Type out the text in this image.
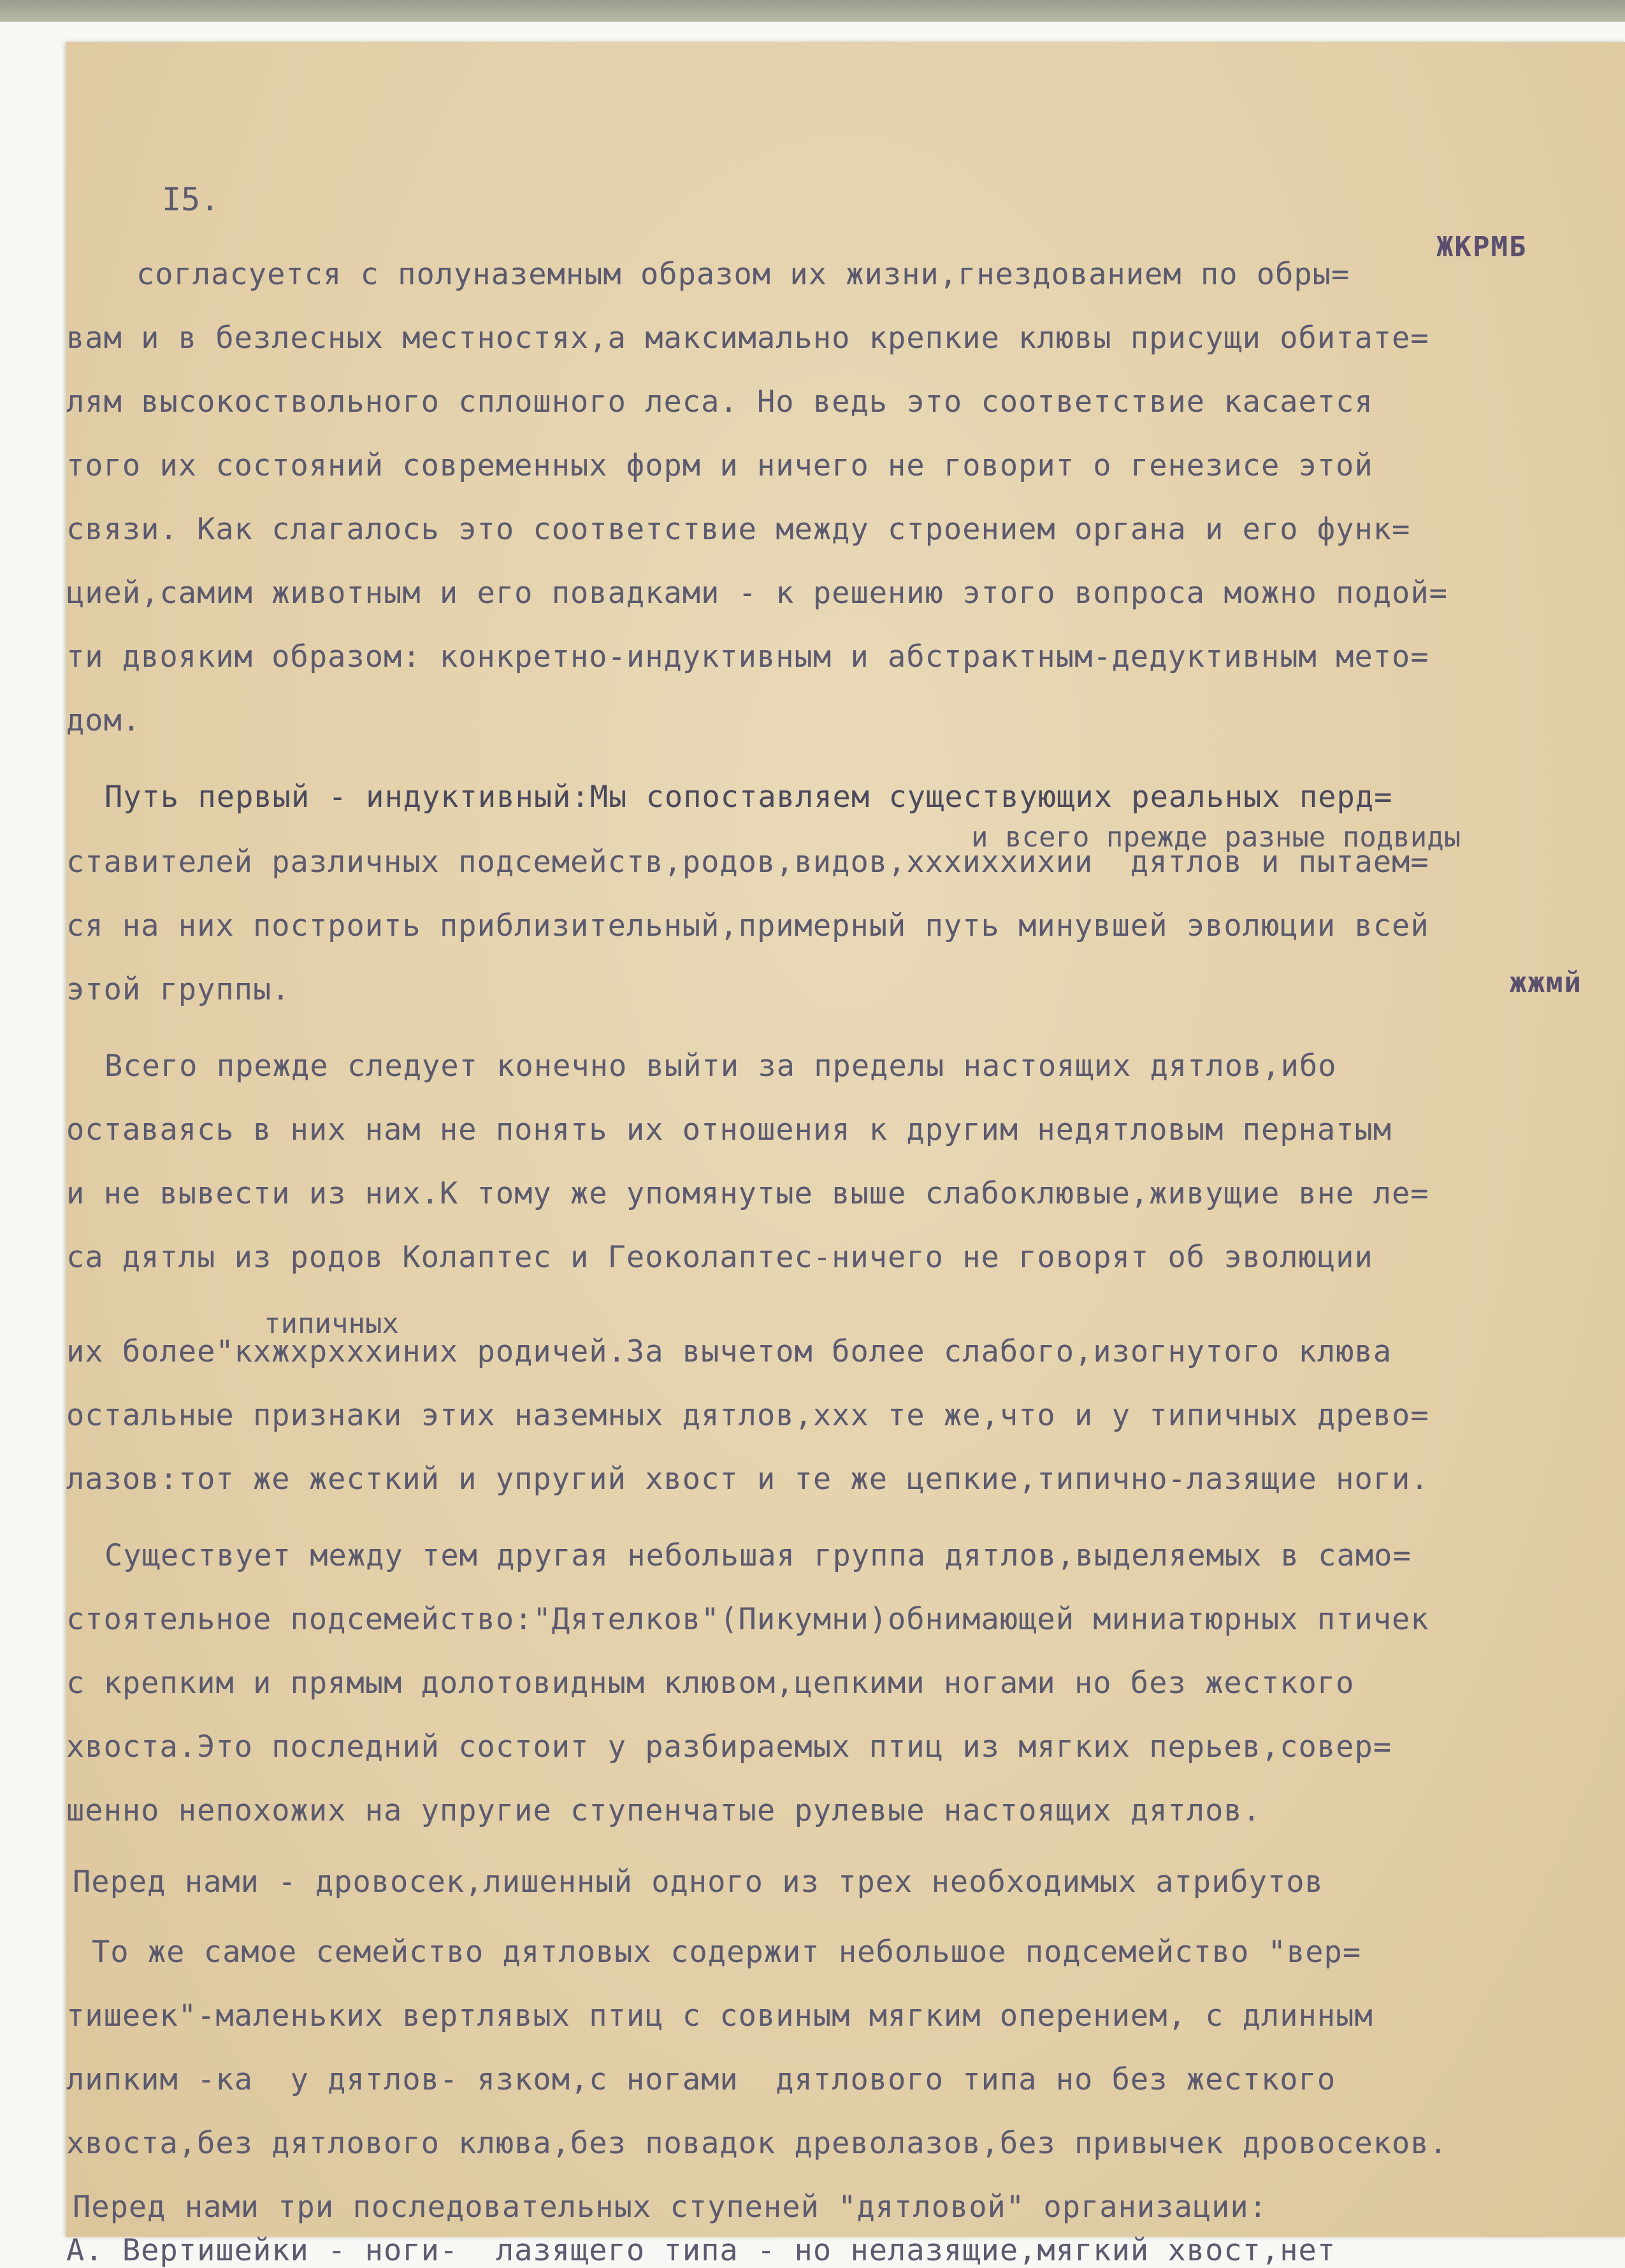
I5.
ЖКРМБ
жжмй
и всего прежде разные подвиды
типичных
согласуется с полуназемным образом их жизни,гнездованием по обры=
вам и в безлесных местностях,а максимально крепкие клювы присущи обитате=
лям высокоствольного сплошного леса. Но ведь это соответствие касается
того их состояний современных форм и ничего не говорит о генезисе этой
связи. Как слагалось это соответствие между строением органа и его функ=
цией,самим животным и его повадками - к решению этого вопроса можно подой=
ти двояким образом: конкретно-индуктивным и абстрактным-дедуктивным мето=
дом.
Путь первый - индуктивный:Мы сопоставляем существующих реальных перд=
ставителей различных подсемейств,родов,видов,хххиххихии  дятлов и пытаем=
ся на них построить приблизительный,примерный путь минувшей эволюции всей
этой группы.
Всего прежде следует конечно выйти за пределы настоящих дятлов,ибо
оставаясь в них нам не понять их отношения к другим недятловым пернатым
и не вывести из них.К тому же упомянутые выше слабоклювые,живущие вне ле=
са дятлы из родов Колаптес и Геоколаптес-ничего не говорят об эволюции
их более"кхжхрхххиних родичей.За вычетом более слабого,изогнутого клюва
остальные признаки этих наземных дятлов,ххх те же,что и у типичных древо=
лазов:тот же жесткий и упругий хвост и те же цепкие,типично-лазящие ноги.
Существует между тем другая небольшая группа дятлов,выделяемых в само=
стоятельное подсемейство:"Дятелков"(Пикумни)обнимающей миниатюрных птичек
с крепким и прямым долотовидным клювом,цепкими ногами но без жесткого
хвоста.Это последний состоит у разбираемых птиц из мягких перьев,совер=
шенно непохожих на упругие ступенчатые рулевые настоящих дятлов.
Перед нами - дровосек,лишенный одного из трех необходимых атрибутов
То же самое семейство дятловых содержит небольшое подсемейство "вер=
тишеек"-маленьких вертлявых птиц с совиным мягким оперением, с длинным
липким -ка  у дятлов- язком,с ногами  дятлового типа но без жесткого
хвоста,без дятлового клюва,без повадок древолазов,без привычек дровосеков.
Перед нами три последовательных ступеней "дятловой" организации:
А. Вертишейки - ноги-  лазящего типа - но нелазящие,мягкий хвост,нет
